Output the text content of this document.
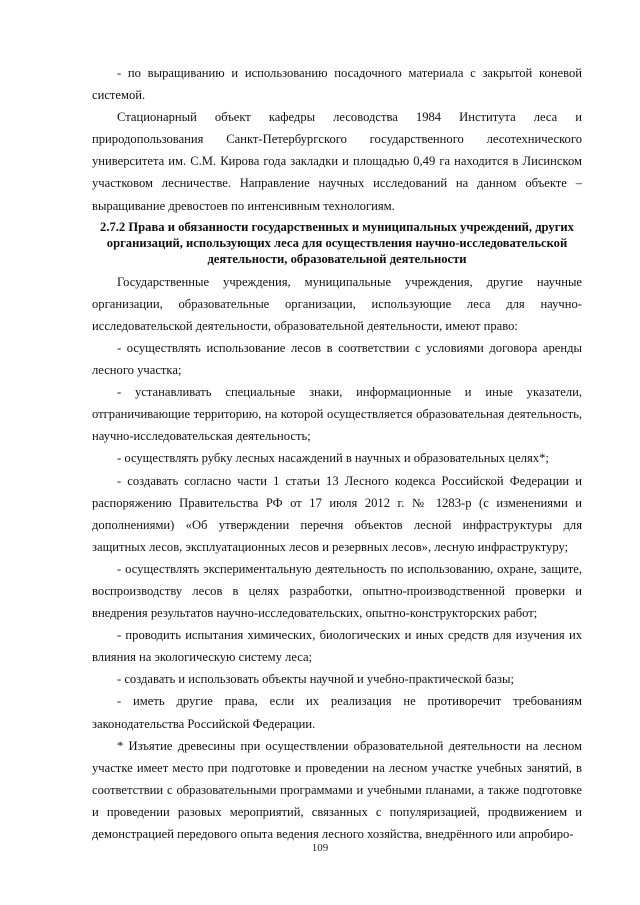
- по выращиванию и использованию посадочного материала с закрытой коневой системой.

Стационарный объект кафедры лесоводства 1984 Института леса и природопользования Санкт-Петербургского государственного лесотехнического университета им. С.М. Кирова года закладки и площадью 0,49 га находится в Лисинском участковом лесничестве. Направление научных исследований на данном объекте – выращивание древостоев по интенсивным технологиям.

2.7.2 Права и обязанности государственных и муниципальных учреждений, других организаций, использующих леса для осуществления научно-исследовательской деятельности, образовательной деятельности

Государственные учреждения, муниципальные учреждения, другие научные организации, образовательные организации, использующие леса для научно-исследовательской деятельности, образовательной деятельности, имеют право:

- осуществлять использование лесов в соответствии с условиями договора аренды лесного участка;

- устанавливать специальные знаки, информационные и иные указатели, отграничивающие территорию, на которой осуществляется образовательная деятельность, научно-исследовательская деятельность;

- осуществлять рубку лесных насаждений в научных и образовательных целях*;

- создавать согласно части 1 статьи 13 Лесного кодекса Российской Федерации и распоряжению Правительства РФ от 17 июля 2012 г. № 1283-р (с изменениями и дополнениями) «Об утверждении перечня объектов лесной инфраструктуры для защитных лесов, эксплуатационных лесов и резервных лесов», лесную инфраструктуру;

- осуществлять экспериментальную деятельность по использованию, охране, защите, воспроизводству лесов в целях разработки, опытно-производственной проверки и внедрения результатов научно-исследовательских, опытно-конструкторских работ;

- проводить испытания химических, биологических и иных средств для изучения их влияния на экологическую систему леса;

- создавать и использовать объекты научной и учебно-практической базы;

- иметь другие права, если их реализация не противоречит требованиям законодательства Российской Федерации.

* Изъятие древесины при осуществлении образовательной деятельности на лесном участке имеет место при подготовке и проведении на лесном участке учебных занятий, в соответствии с образовательными программами и учебными планами, а также подготовке и проведении разовых мероприятий, связанных с популяризацией, продвижением и демонстрацией передового опыта ведения лесного хозяйства, внедрённого или апробиро-

109
